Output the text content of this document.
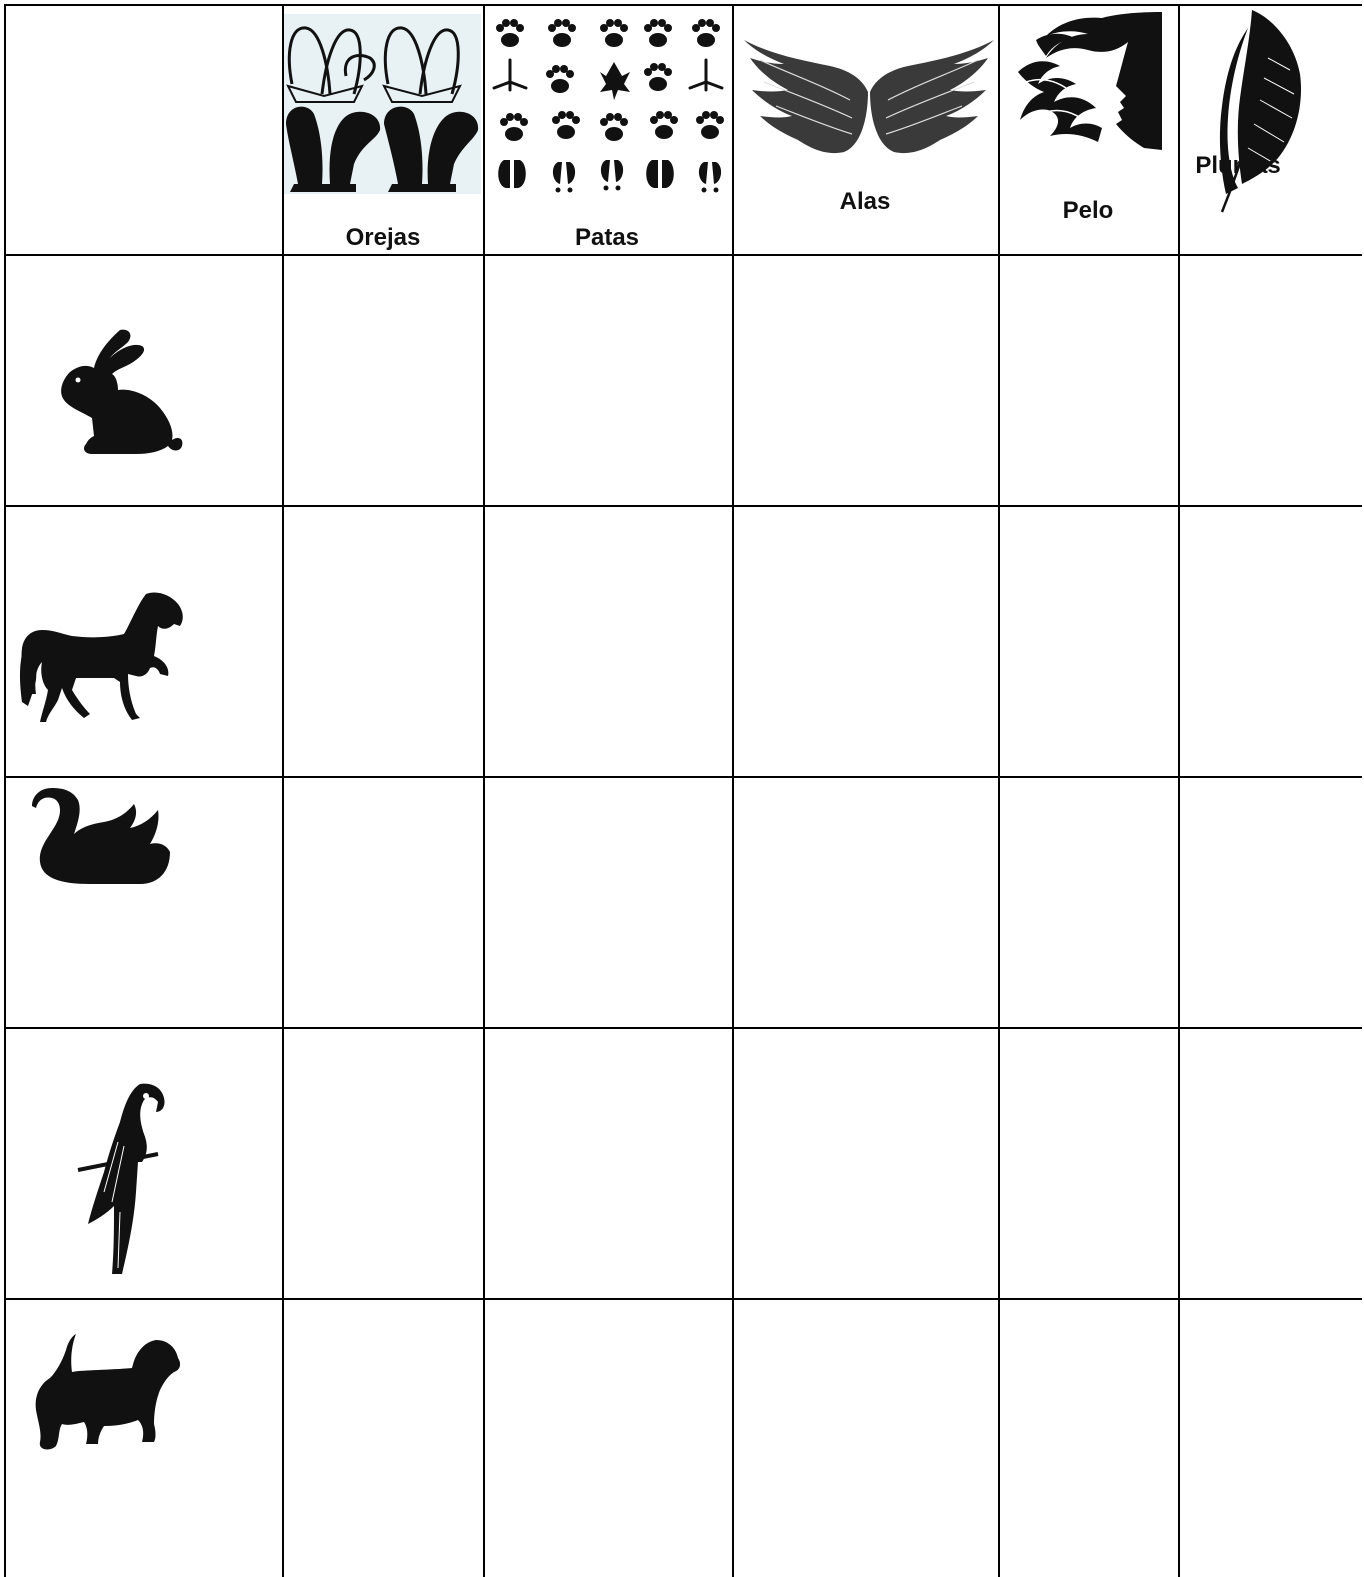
Orejas	Patas
Alas	Pelo
Plumas
